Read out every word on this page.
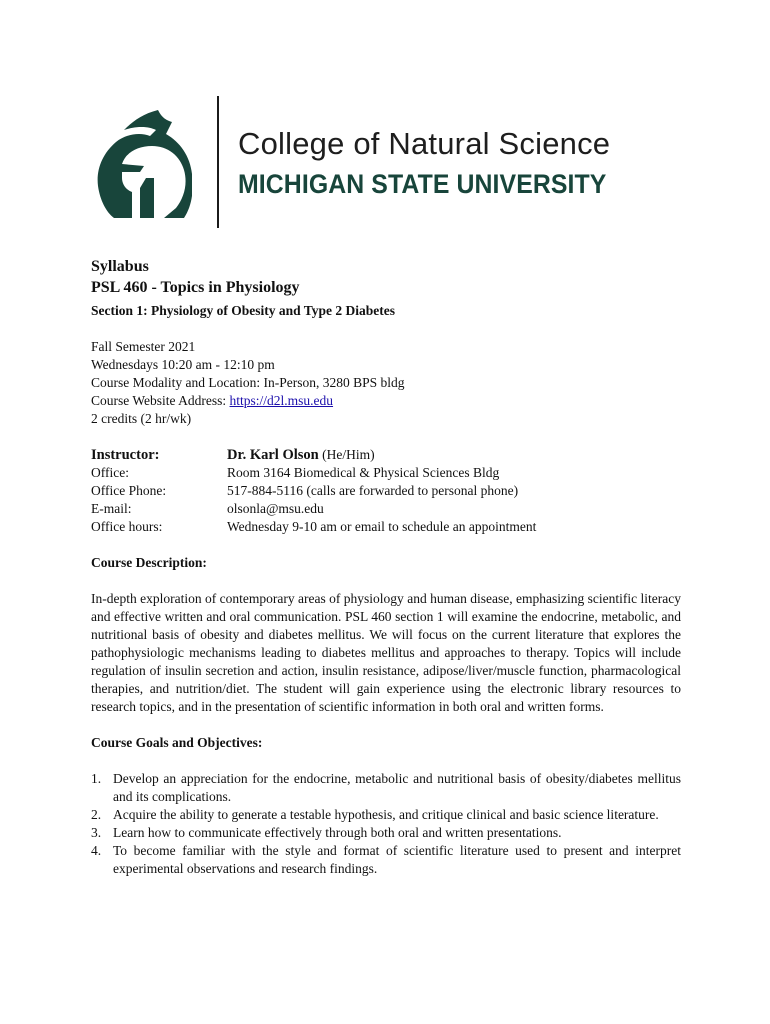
College of Natural Science
MICHIGAN STATE UNIVERSITY
Syllabus
PSL 460 - Topics in Physiology
Section 1: Physiology of Obesity and Type 2 Diabetes
Fall Semester 2021
Wednesdays 10:20 am - 12:10 pm
Course Modality and Location: In-Person, 3280 BPS bldg
Course Website Address: https://d2l.msu.edu
2 credits (2 hr/wk)
Instructor:	Dr. Karl Olson (He/Him)
Office:	Room 3164 Biomedical & Physical Sciences Bldg
Office Phone:	517-884-5116 (calls are forwarded to personal phone)
E-mail:	olsonla@msu.edu
Office hours:	Wednesday 9-10 am or email to schedule an appointment
Course Description:
In-depth exploration of contemporary areas of physiology and human disease, emphasizing scientific literacy and effective written and oral communication. PSL 460 section 1 will examine the endocrine, metabolic, and nutritional basis of obesity and diabetes mellitus. We will focus on the current literature that explores the pathophysiologic mechanisms leading to diabetes mellitus and approaches to therapy. Topics will include regulation of insulin secretion and action, insulin resistance, adipose/liver/muscle function, pharmacological therapies, and nutrition/diet. The student will gain experience using the electronic library resources to research topics, and in the presentation of scientific information in both oral and written forms.
Course Goals and Objectives:
1. Develop an appreciation for the endocrine, metabolic and nutritional basis of obesity/diabetes mellitus and its complications.
2. Acquire the ability to generate a testable hypothesis, and critique clinical and basic science literature.
3. Learn how to communicate effectively through both oral and written presentations.
4. To become familiar with the style and format of scientific literature used to present and interpret experimental observations and research findings.
